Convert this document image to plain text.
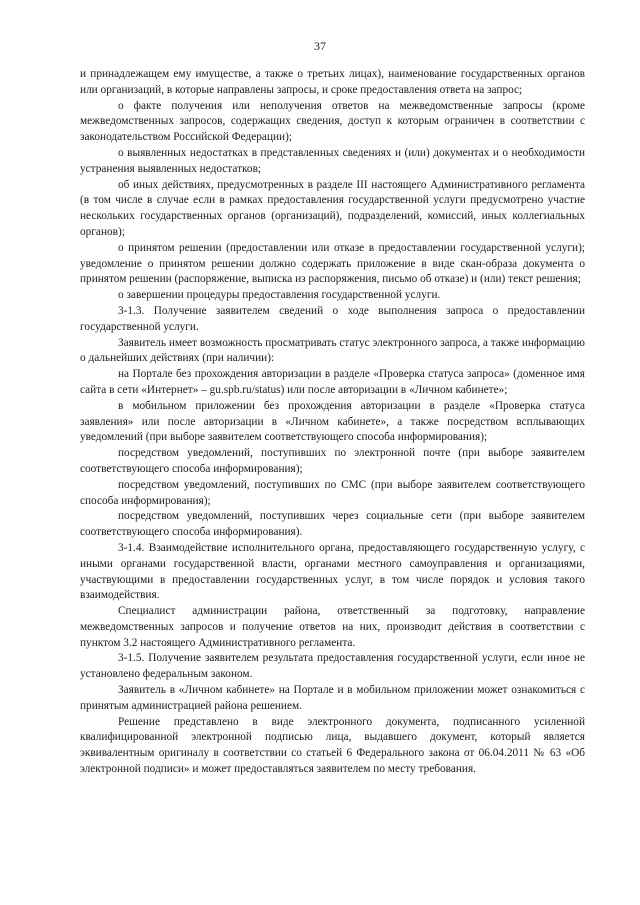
37

и принадлежащем ему имуществе, а также о третьих лицах), наименование государственных органов или организаций, в которые направлены запросы, и сроке предоставления ответа на запрос;

о факте получения или неполучения ответов на межведомственные запросы (кроме межведомственных запросов, содержащих сведения, доступ к которым ограничен в соответствии с законодательством Российской Федерации);

о выявленных недостатках в представленных сведениях и (или) документах и о необходимости устранения выявленных недостатков;

об иных действиях, предусмотренных в разделе III настоящего Административного регламента (в том числе в случае если в рамках предоставления государственной услуги предусмотрено участие нескольких государственных органов (организаций), подразделений, комиссий, иных коллегиальных органов);

о принятом решении (предоставлении или отказе в предоставлении государственной услуги); уведомление о принятом решении должно содержать приложение в виде скан-образа документа о принятом решении (распоряжение, выписка из распоряжения, письмо об отказе) и (или) текст решения;

о завершении процедуры предоставления государственной услуги.

3-1.3. Получение заявителем сведений о ходе выполнения запроса о предоставлении государственной услуги.

Заявитель имеет возможность просматривать статус электронного запроса, а также информацию о дальнейших действиях (при наличии):

на Портале без прохождения авторизации в разделе «Проверка статуса запроса» (доменное имя сайта в сети «Интернет» – gu.spb.ru/status) или после авторизации в «Личном кабинете»;

в мобильном приложении без прохождения авторизации в разделе «Проверка статуса заявления» или после авторизации в «Личном кабинете», а также посредством всплывающих уведомлений (при выборе заявителем соответствующего способа информирования);

посредством уведомлений, поступивших по электронной почте (при выборе заявителем соответствующего способа информирования);

посредством уведомлений, поступивших по СМС (при выборе заявителем соответствующего способа информирования);

посредством уведомлений, поступивших через социальные сети (при выборе заявителем соответствующего способа информирования).

3-1.4. Взаимодействие исполнительного органа, предоставляющего государственную услугу, с иными органами государственной власти, органами местного самоуправления и организациями, участвующими в предоставлении государственных услуг, в том числе порядок и условия такого взаимодействия.

Специалист администрации района, ответственный за подготовку, направление межведомственных запросов и получение ответов на них, производит действия в соответствии с пунктом 3.2 настоящего Административного регламента.

3-1.5. Получение заявителем результата предоставления государственной услуги, если иное не установлено федеральным законом.

Заявитель в «Личном кабинете» на Портале и в мобильном приложении может ознакомиться с принятым администрацией района решением.

Решение представлено в виде электронного документа, подписанного усиленной квалифицированной электронной подписью лица, выдавшего документ, который является эквивалентным оригиналу в соответствии со статьей 6 Федерального закона от 06.04.2011 № 63 «Об электронной подписи» и может предоставляться заявителем по месту требования.
